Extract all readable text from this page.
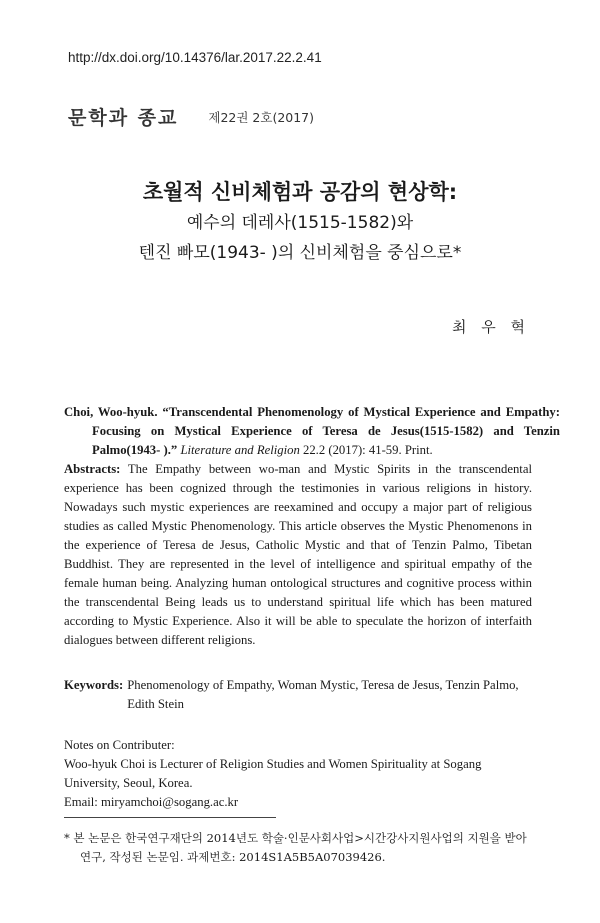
http://dx.doi.org/10.14376/lar.2017.22.2.41
문학과 종교 제22권 2호(2017)
초월적 신비체험과 공감의 현상학:
예수의 데레사(1515-1582)와
텐진 빠모(1943- )의 신비체험을 중심으로*
최 우 혁
Choi, Woo-hyuk. “Transcendental Phenomenology of Mystical Experience and Empathy: Focusing on Mystical Experience of Teresa de Jesus(1515-1582) and Tenzin Palmo(1943- ).” Literature and Religion 22.2 (2017): 41-59. Print.
Abstracts: The Empathy between wo-man and Mystic Spirits in the transcendental experience has been cognized through the testimonies in various religions in history. Nowadays such mystic experiences are reexamined and occupy a major part of religious studies as called Mystic Phenomenology. This article observes the Mystic Phenomenons in the experience of Teresa de Jesus, Catholic Mystic and that of Tenzin Palmo, Tibetan Buddhist. They are represented in the level of intelligence and spiritual empathy of the female human being. Analyzing human ontological structures and cognitive process within the transcendental Being leads us to understand spiritual life which has been matured according to Mystic Experience. Also it will be able to speculate the horizon of interfaith dialogues between different religions.
Keywords: Phenomenology of Empathy, Woman Mystic, Teresa de Jesus, Tenzin Palmo, Edith Stein
Notes on Contributer:
Woo-hyuk Choi is Lecturer of Religion Studies and Women Spirituality at Sogang University, Seoul, Korea.
Email: miryamchoi@sogang.ac.kr
* 본 논문은 한국연구재단의 2014년도 학술·인문사회사업>시간강사지원사업의 지원을 받아 연구, 작성된 논문임. 과제번호: 2014S1A5B5A07039426.
